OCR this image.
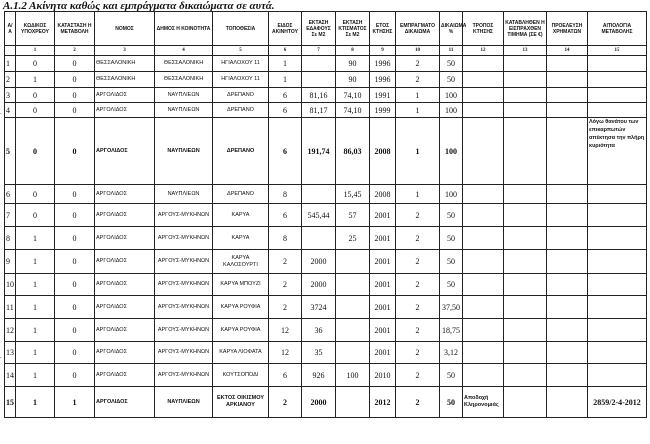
Α.1.2 Ακίνητα καθώς και εμπράγματα δικαιώματα σε αυτά.
Α/Α	ΚΩΔΙΚΟΣ ΥΠΟΧΡΕΟΥ	ΚΑΤΑΣΤΑΣΗ Η ΜΕΤΑΒΟΛΗ	ΝΟΜΟΣ	ΔΗΜΟΣ Η ΚΟΙΝΟΤΗΤΑ	ΤΟΠΟΘΕΣΙΑ	ΕΙΔΟΣ ΑΚΙΝΗΤΟΥ	ΕΚΤΑΣΗ ΕΔΑΦΟΥΣ Σε Μ2	ΕΚΤΑΣΗ ΚΤΙΣΜΑΤΟΣ Σε Μ2	ΕΤΟΣ ΚΤΗΣΗΣ	ΕΜΠΡΑΓΜΑΤΟ ΔΙΚΑΙΩΜΑ	ΔΙΚΑΙΩΜΑ %	ΤΡΟΠΟΣ ΚΤΗΣΗΣ	ΚΑΤΑΒΛΗΘΕΝ Η ΕΙΣΠΡΑΧΘΕΝ ΤΙΜΗΜΑ (ΣΕ €)	ΠΡΟΕΛΕΥΣΗ ΧΡΗΜΑΤΩΝ	ΑΙΤΙΟΛΟΓΙΑ ΜΕΤΑΒΟΛΗΣ
	1	2	3	4	5	6	7	8	9	10	11	12	13	14	15
1	0	0	ΘΕΣΣΑΛΟΝΙΚΗ	ΘΕΣΣΑΛΟΝΙΚΗ	ΗΓΙΑΛΟΧΟΥ 11	1		90	1996	2	50				
2	1	0	ΘΕΣΣΑΛΟΝΙΚΗ	ΘΕΣΣΑΛΟΝΙΚΗ	ΗΓΙΑΛΟΧΟΥ 11	1		90	1996	2	50				
3	0	0	ΑΡΓΟΛΙΔΟΣ	ΝΑΥΠΛΙΕΩΝ	ΔΡΕΠΑΝΟ	6	81,16	74,10	1991	1	100				
4	0	0	ΑΡΓΟΛΙΔΟΣ	ΝΑΥΠΛΙΕΩΝ	ΔΡΕΠΑΝΟ	6	81,17	74,10	1999	1	100				
5	0	0	ΑΡΓΟΛΙΔΟΣ	ΝΑΥΠΛΙΕΩΝ	ΔΡΕΠΑΝΟ	6	191,74	86,03	2008	1	100				Λόγω θανάτου των επικαρπωτών απέκτησα την πλήρη κυριότητα
6	0	0	ΑΡΓΟΛΙΔΟΣ	ΝΑΥΠΛΙΕΩΝ	ΔΡΕΠΑΝΟ	8		15,45	2008	1	100				
7	0	0	ΑΡΓΟΛΙΔΟΣ	ΑΡΓΟΥΣ-ΜΥΚΗΝΩΝ	ΚΑΡΥΑ	6	545,44	57	2001	2	50				
8	1	0	ΑΡΓΟΛΙΔΟΣ	ΑΡΓΟΥΣ-ΜΥΚΗΝΩΝ	ΚΑΡΥΑ	8		25	2001	2	50				
9	1	0	ΑΡΓΟΛΙΔΟΣ	ΑΡΓΟΥΣ-ΜΥΚΗΝΩΝ	ΚΑΡΥΑ ΚΑΛΟΣΟΥΡΤΙ	2	2000		2001	2	50				
10	1	0	ΑΡΓΟΛΙΔΟΣ	ΑΡΓΟΥΣ-ΜΥΚΗΝΩΝ	ΚΑΡΥΑ ΜΠΟΥΖΙ	2	2000		2001	2	50				
11	1	0	ΑΡΓΟΛΙΔΟΣ	ΑΡΓΟΥΣ-ΜΥΚΗΝΩΝ	ΚΑΡΥΑ ΡΟΥΦΙΑ	2	3724		2001	2	37,50				
12	1	0	ΑΡΓΟΛΙΔΟΣ	ΑΡΓΟΥΣ-ΜΥΚΗΝΩΝ	ΚΑΡΥΑ ΡΟΥΦΙΑ	12	36		2001	2	18,75				
13	1	0	ΑΡΓΟΛΙΔΟΣ	ΑΡΓΟΥΣ-ΜΥΚΗΝΩΝ	ΚΑΡΥΑ ΛΙΟΦΑΤΑ	12	35		2001	2	3,12				
14	1	0	ΑΡΓΟΛΙΔΟΣ	ΑΡΓΟΥΣ-ΜΥΚΗΝΩΝ	ΚΟΥΤΣΟΠΟΔΙ	6	926	100	2010	2	50				
15	1	1	ΑΡΓΟΛΙΔΟΣ	ΝΑΥΠΛΙΕΩΝ	ΕΚΤΟΣ ΟΙΚΙΣΜΟΥ ΑΡΚΙΑΝΟΥ	2	2000		2012	2	50	Αποδοχή Κληρονομιάς			2859/2-4-2012
.
.
